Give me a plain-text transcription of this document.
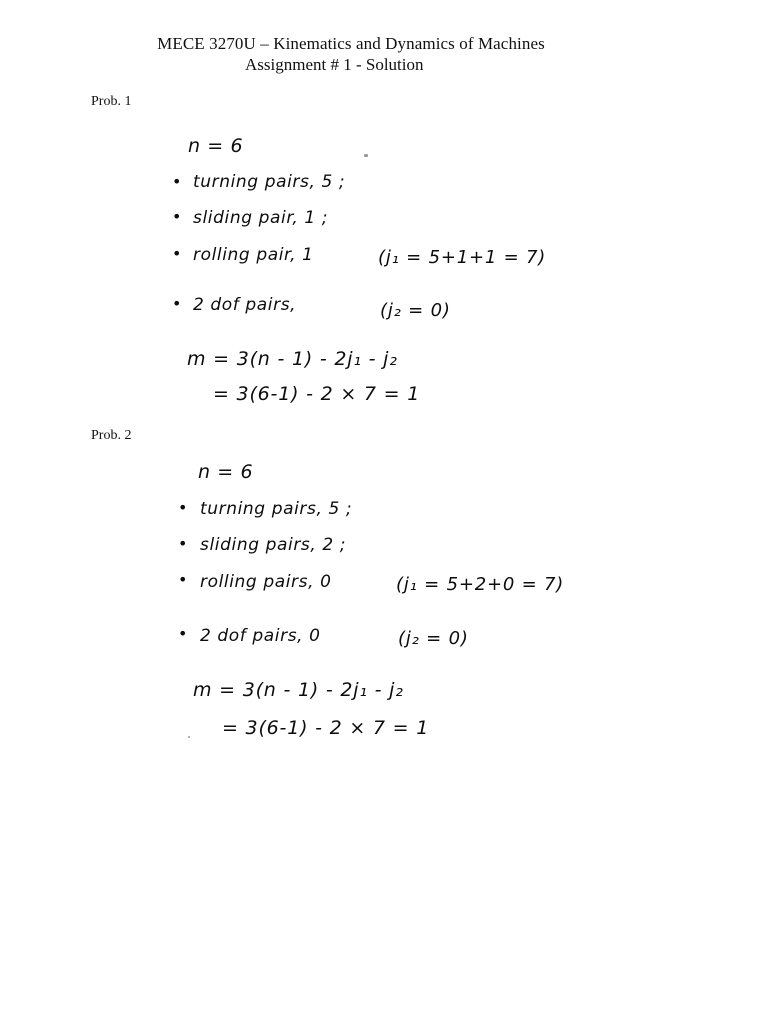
MECE 3270U – Kinematics and Dynamics of Machines
Assignment # 1 - Solution
Prob. 1
n = 6
• turning pairs, 5 ;
• sliding pair, 1 ;
• rolling pair, 1	(j₁ = 5+1+1 = 7)
• 2 dof pairs,	(j₂ = 0)
m = 3(n - 1) - 2j₁ - j₂
= 3(6-1) - 2 × 7 = 1
Prob. 2
n = 6
• turning pairs, 5 ;
• sliding pairs, 2 ;
• rolling pairs, 0	(j₁ = 5+2+0 = 7)
• 2 dof pairs, 0	(j₂ = 0)
m = 3(n - 1) - 2j₁ - j₂
= 3(6-1) - 2 × 7 = 1
